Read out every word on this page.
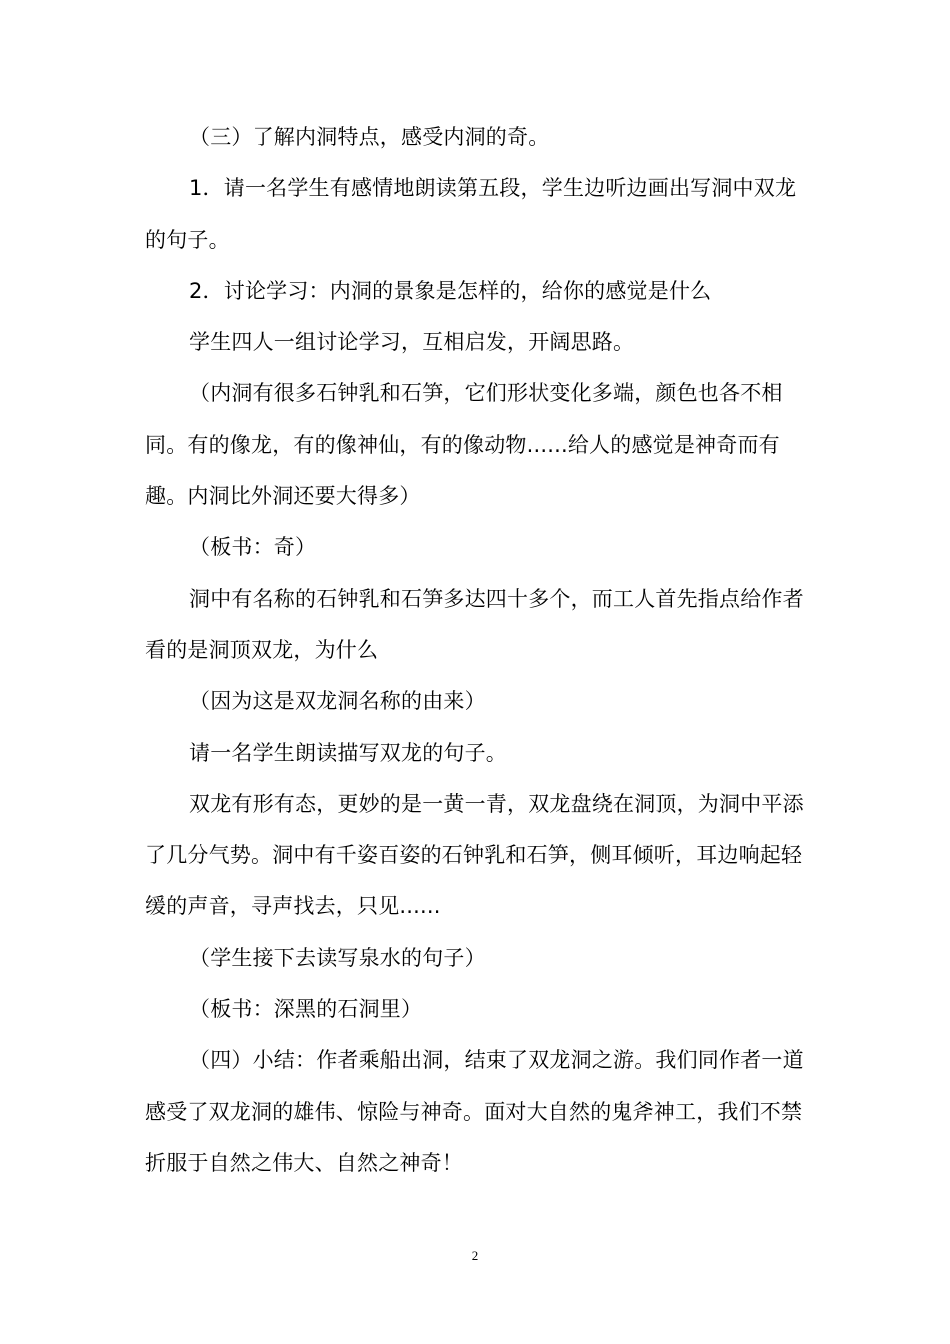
（三）了解内洞特点，感受内洞的奇。

1．请一名学生有感情地朗读第五段，学生边听边画出写洞中双龙的句子。

2．讨论学习：内洞的景象是怎样的，给你的感觉是什么

学生四人一组讨论学习，互相启发，开阔思路。

（内洞有很多石钟乳和石笋，它们形状变化多端，颜色也各不相同。有的像龙，有的像神仙，有的像动物......给人的感觉是神奇而有趣。内洞比外洞还要大得多）

（板书：奇）

洞中有名称的石钟乳和石笋多达四十多个，而工人首先指点给作者看的是洞顶双龙，为什么

（因为这是双龙洞名称的由来）

请一名学生朗读描写双龙的句子。

双龙有形有态，更妙的是一黄一青，双龙盘绕在洞顶，为洞中平添了几分气势。洞中有千姿百姿的石钟乳和石笋，侧耳倾听，耳边响起轻缓的声音，寻声找去，只见......

（学生接下去读写泉水的句子）

（板书：深黑的石洞里）

（四）小结：作者乘船出洞，结束了双龙洞之游。我们同作者一道感受了双龙洞的雄伟、惊险与神奇。面对大自然的鬼斧神工，我们不禁折服于自然之伟大、自然之神奇！

2
